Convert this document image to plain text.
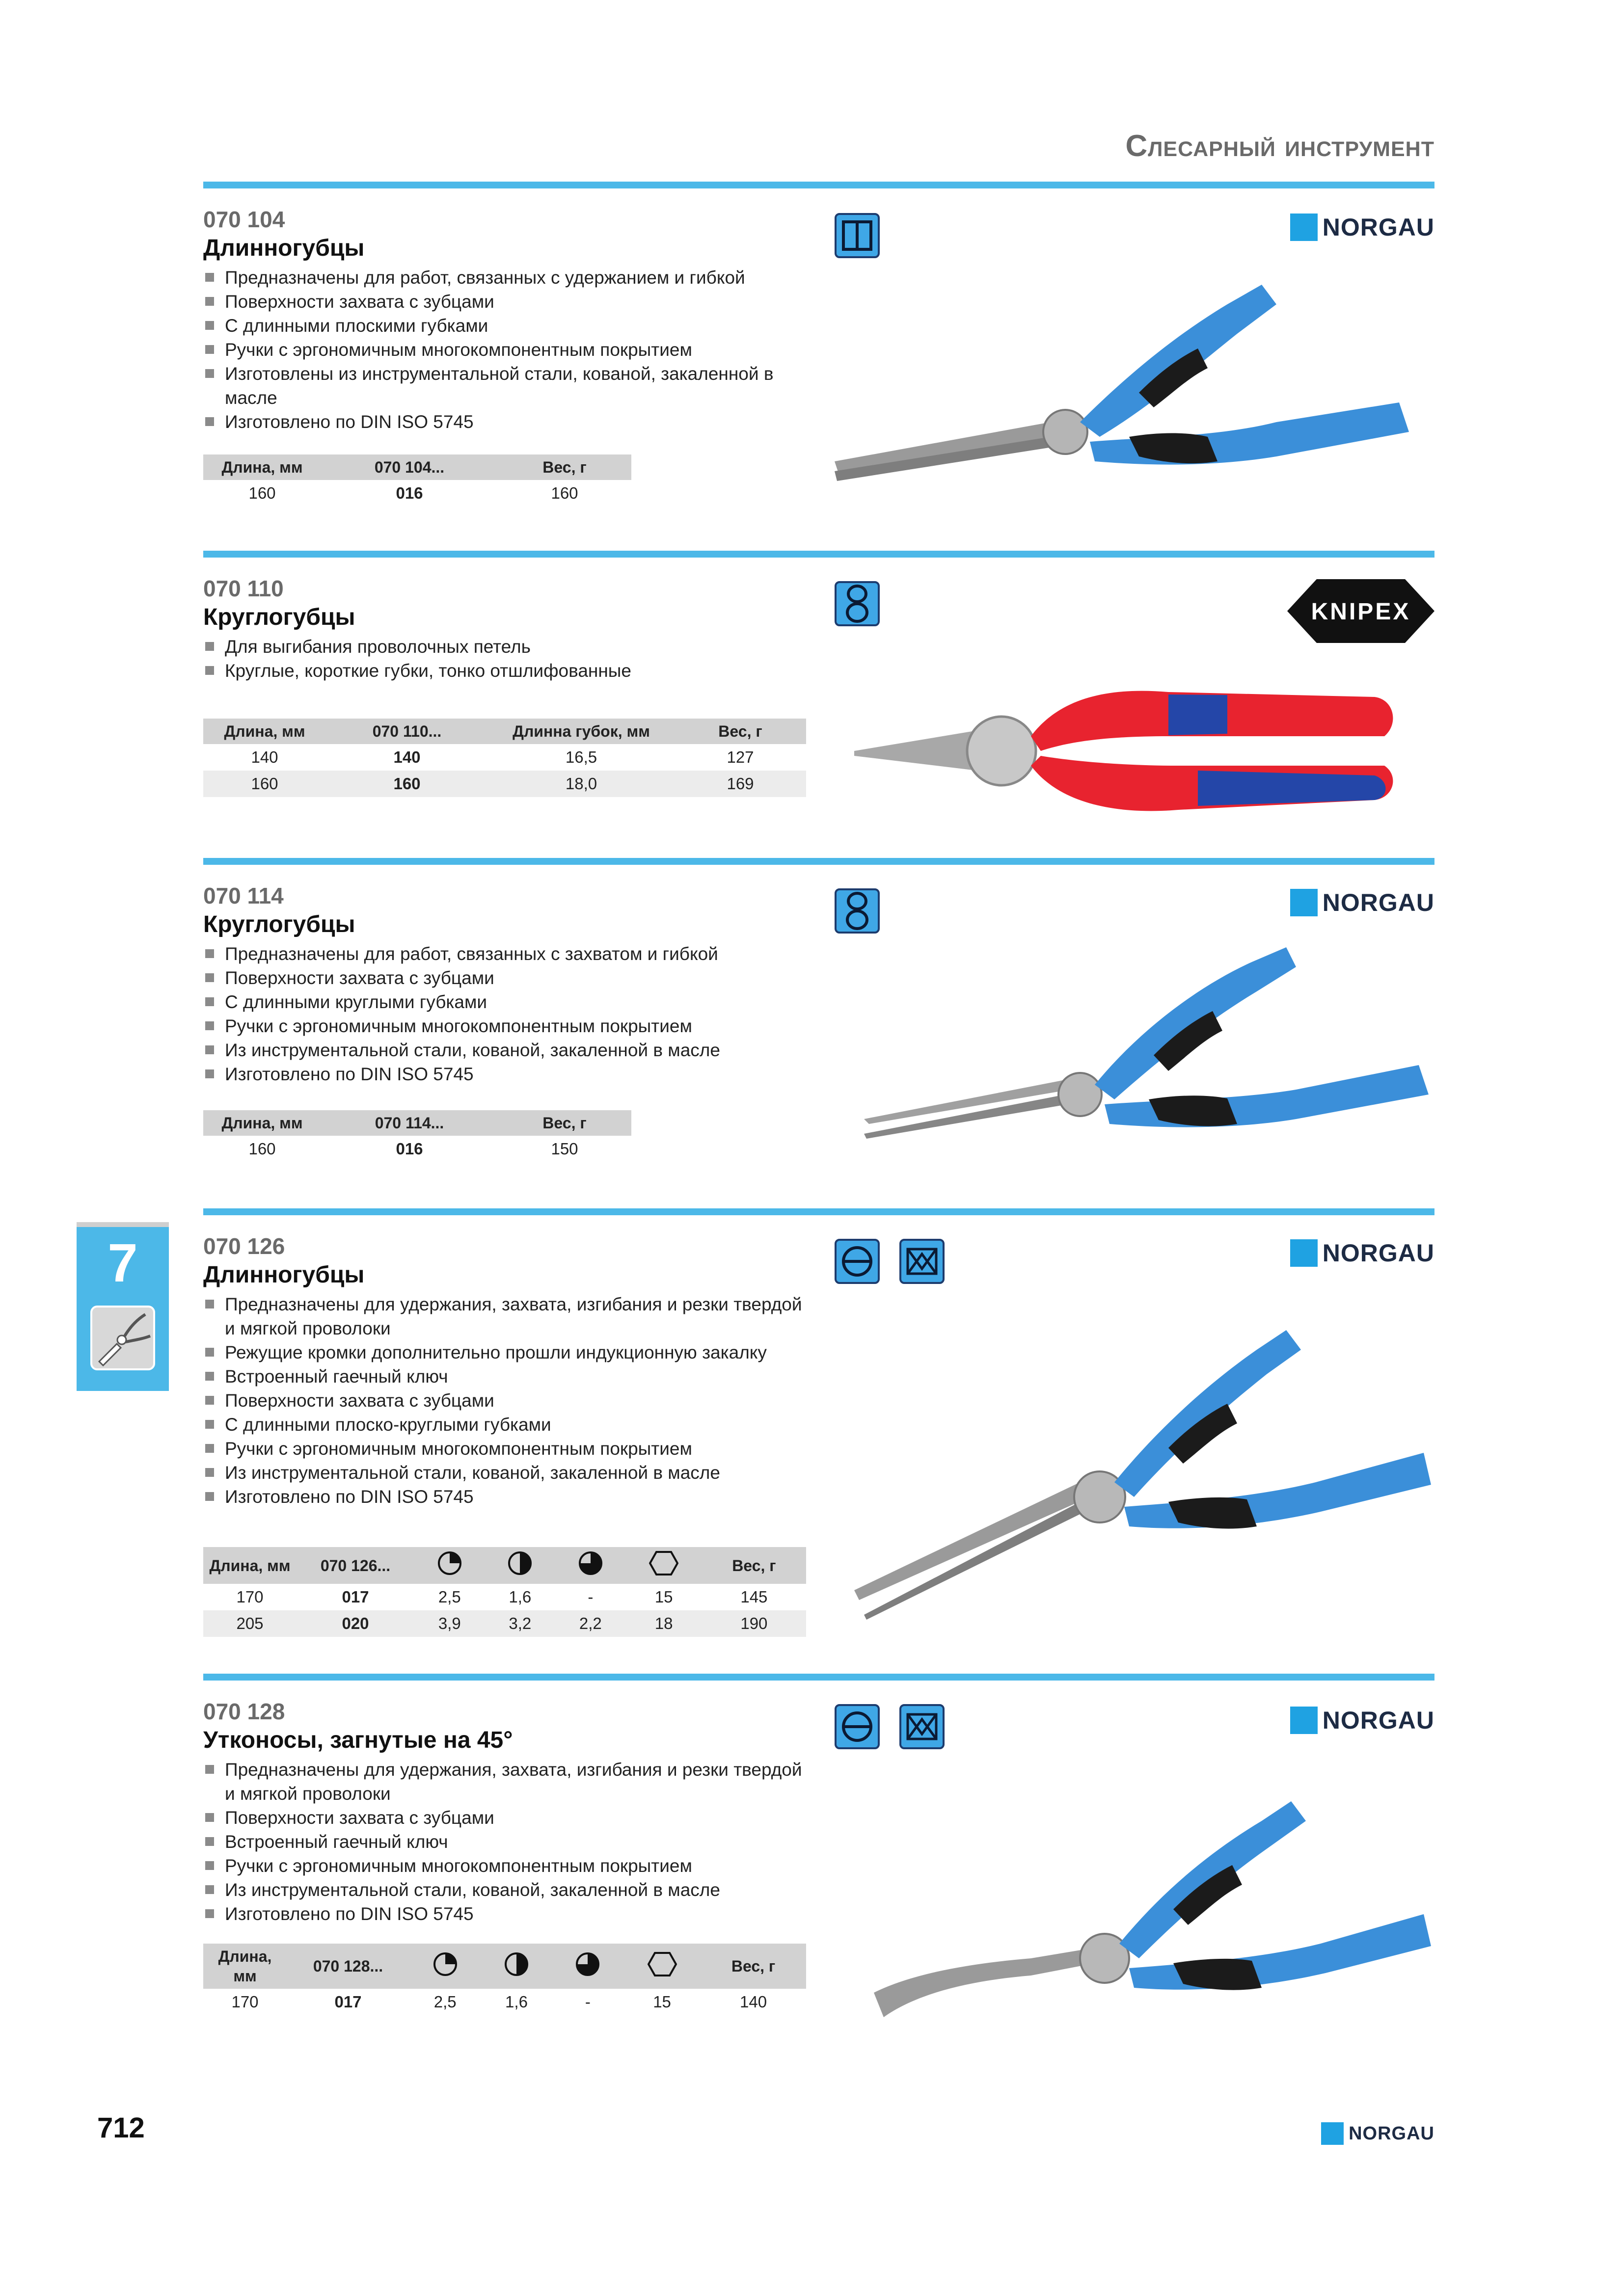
Слесарный инструмент

070 104

Длинногубцы

Предназначены для работ, связанных с удержанием и гибкой
Поверхности захвата с зубцами
С длинными плоскими губками
Ручки с эргономичным многокомпонентным покрытием
Изготовлены из инструментальной стали, кованой, закаленной в масле
Изготовлено по DIN ISO 5745
Длина, мм	070 104...	Вес, г
160	016	160
NORGAU

070 110

Круглогубцы

Для выгибания проволочных петель
Круглые, короткие губки, тонко отшлифованные
Длина, мм	070 110...	Длинна губок, мм	Вес, г
140	140	16,5	127
160	160	18,0	169
KNIPEX

070 114

Круглогубцы

Предназначены для работ, связанных с захватом и гибкой
Поверхности захвата с зубцами
С длинными круглыми губками
Ручки с эргономичным многокомпонентным покрытием
Из инструментальной стали, кованой, закаленной в масле
Изготовлено по DIN ISO 5745
Длина, мм	070 114...	Вес, г
160	016	150
NORGAU

070 126

Длинногубцы

Предназначены для удержания, захвата, изгибания и резки твердой и мягкой проволоки
Режущие кромки дополнительно прошли индукционную закалку
Встроенный гаечный ключ
Поверхности захвата с зубцами
С длинными плоско-круглыми губками
Ручки с эргономичным многокомпонентным покрытием
Из инструментальной стали, кованой, закаленной в масле
Изготовлено по DIN ISO 5745
Длина, мм	070 126...					Вес, г
170	017	2,5	1,6	-	15	145
205	020	3,9	3,2	2,2	18	190
NORGAU

070 128

Утконосы, загнутые на 45°

Предназначены для удержания, захвата, изгибания и резки твердой и мягкой проволоки
Поверхности захвата с зубцами
Встроенный гаечный ключ
Ручки с эргономичным многокомпонентным покрытием
Из инструментальной стали, кованой, закаленной в масле
Изготовлено по DIN ISO 5745
Длина, мм	070 128...					Вес, г
170	017	2,5	1,6	-	15	140
NORGAU
7
712	NORGAU
